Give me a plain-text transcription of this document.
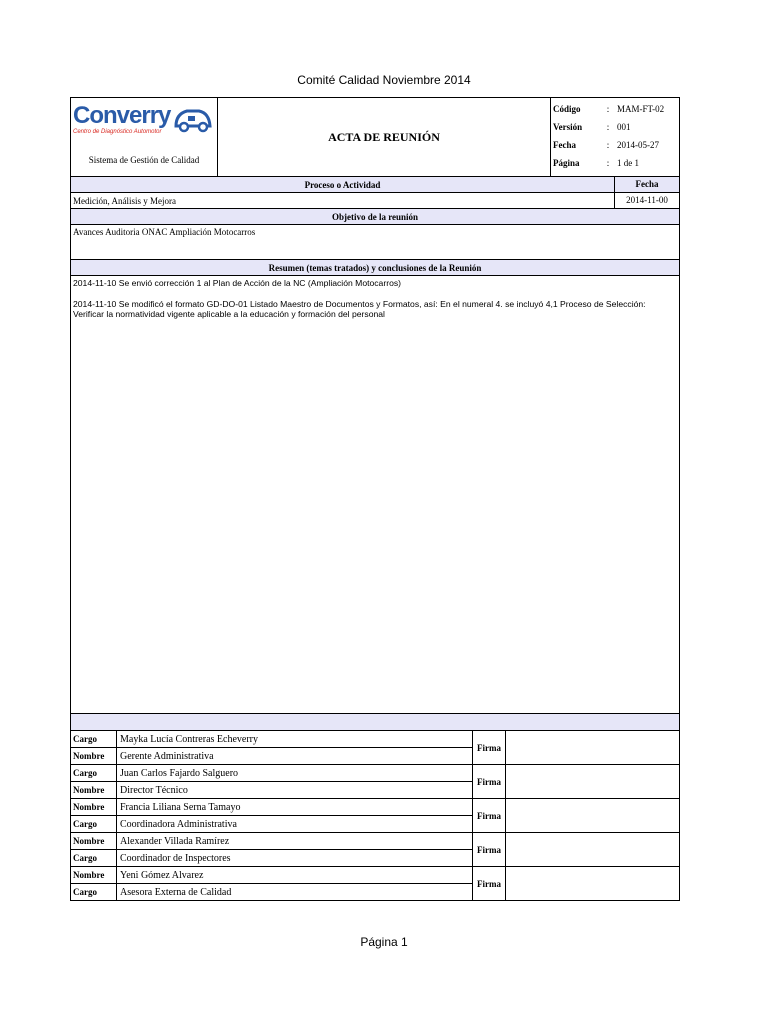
Comité Calidad Noviembre 2014
Converry
Centro de Diagnóstico Automotor
Sistema de Gestión de Calidad
ACTA DE REUNIÓN
Código	: MAM-FT-02
Versión	: 001
Fecha	: 2014-05-27
Página	: 1 de 1
Proceso o Actividad	Fecha
Medición, Análisis y Mejora	2014-11-00
Objetivo de la reunión
Avances Auditoria ONAC Ampliación Motocarros
Resumen (temas tratados) y conclusiones de la Reunión

2014-11-10 Se envió corrección 1 al Plan de Acción de la NC (Ampliación Motocarros)

2014-11-10 Se modificó el formato GD-DO-01 Listado Maestro de Documentos y Formatos, así: En el numeral 4. se incluyó 4,1 Proceso de Selección: Verificar la normatividad vigente aplicable a la educación y formación del personal

Cargo	Mayka Lucía Contreras Echeverry
Nombre	Gerente Administrativa
Firma
Cargo	Juan Carlos Fajardo Salguero
Nombre	Director Técnico
Firma
Nombre	Francia Liliana Serna Tamayo
Cargo	Coordinadora Administrativa
Firma
Nombre	Alexander Villada Ramírez
Cargo	Coordinador de Inspectores
Firma
Nombre	Yeni Gómez Alvarez
Cargo	Asesora Externa de Calidad
Firma
Página 1
